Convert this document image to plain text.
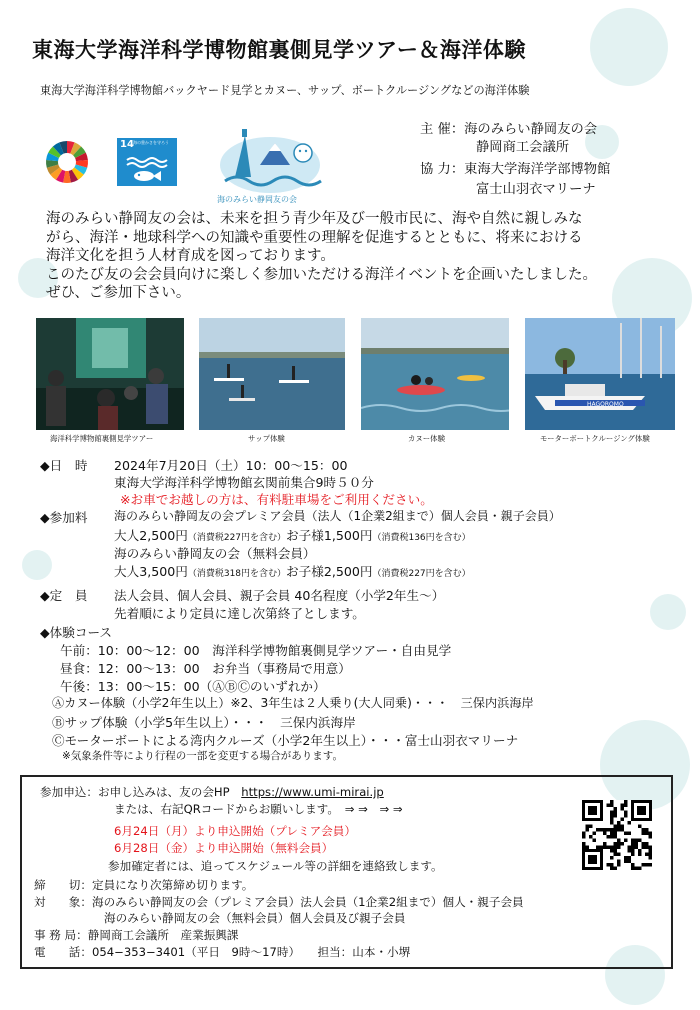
東海大学海洋科学博物館裏側見学ツアー＆海洋体験
東海大学海洋科学博物館バックヤード見学とカヌー、サップ、ボートクルージングなどの海洋体験
14 海の豊かさを守ろう
海のみらい静岡友の会
主 催：海のみらい静岡友の会
静岡商工会議所
協 力：東海大学海洋学部博物館
富士山羽衣マリーナ

海のみらい静岡友の会は、未来を担う青少年及び一般市民に、海や自然に親しみな

がら、海洋・地球科学への知識や重要性の理解を促進するとともに、将来における

海洋文化を担う人材育成を図っております。

このたび友の会会員向けに楽しく参加いただける海洋イベントを企画いたしました。

ぜひ、ご参加下さい。

HAGOROMO
海洋科学博物館裏側見学ツアー	サップ体験	カヌー体験	モーターボートクルージング体験
◆日　時 2024年7月20日（土）10：00〜15：00
東海大学海洋科学博物館玄関前集合9時５０分
※お車でお越しの方は、有料駐車場をご利用ください。
◆参加料 海のみらい静岡友の会プレミア会員（法人（1企業2組まで）個人会員・親子会員）
大人2,500円（消費税227円を含む）お子様1,500円（消費税136円を含む）
海のみらい静岡友の会（無料会員）
大人3,500円（消費税318円を含む）お子様2,500円（消費税227円を含む）
◆定　員 法人会員、個人会員、親子会員 40名程度（小学2年生〜）
先着順により定員に達し次第終了とします。
◆体験コース
午前：10：00〜12：00　海洋科学博物館裏側見学ツアー・自由見学
昼食：12：00〜13：00　お弁当（事務局で用意）
午後：13：00〜15：00（ⒶⒷⒸのいずれか）
Ⓐカヌー体験（小学2年生以上）※2、3年生は２人乗り(大人同乗)・・・　三保内浜海岸
Ⓑサップ体験（小学5年生以上）・・・　三保内浜海岸
Ⓒモーターボートによる湾内クルーズ（小学2年生以上）・・・富士山羽衣マリーナ
※気象条件等により行程の一部を変更する場合があります。
参加申込：お申し込みは、友の会HP　 https://www.umi-mirai.jp
または、右記QRコードからお願いします。　⇒ ⇒　⇒ ⇒
6月24日（月）より申込開始（プレミア会員）
6月28日（金）より申込開始（無料会員）
参加確定者には、追ってスケジュール等の詳細を連絡致します。
締　　切：定員になり次第締め切ります。
対　　象：海のみらい静岡友の会（プレミア会員）法人会員（1企業2組まで）個人・親子会員
海のみらい静岡友の会（無料会員）個人会員及び親子会員
事 務 局：静岡商工会議所　産業振興課
電　　話：054−353−3401（平日　9時〜17時）　　 担当：山本・小堺
